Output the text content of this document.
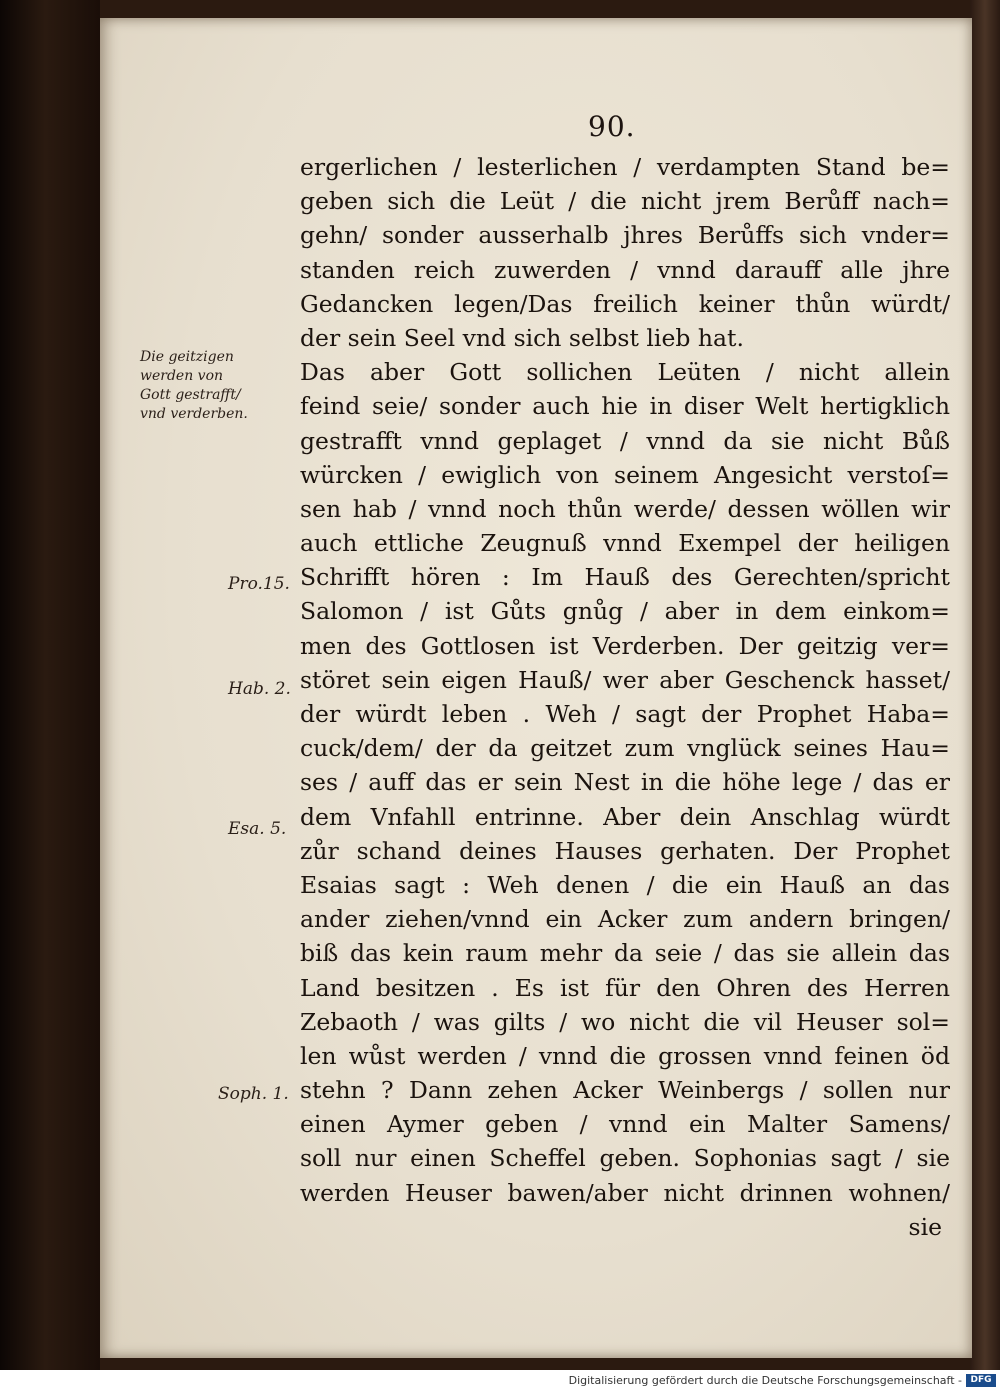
90.
Die geitzigen
werden von
Gott gestrafft/
vnd verderben.
Pro.15.
Hab. 2.
Esa. 5.
Soph. 1.
ergerlichen / lesterlichen / verdampten Stand be=
geben sich die Leüt / die nicht jrem Berůff nach=
gehn/ sonder ausserhalb jhres Berůffs sich vnder=
standen reich zuwerden / vnnd darauff alle jhre
Gedancken legen/Das freilich keiner thůn würdt/
der sein Seel vnd sich selbst lieb hat.
Das aber Gott sollichen Leüten / nicht allein
feind seie/ sonder auch hie in diser Welt hertigklich
gestrafft vnnd geplaget / vnnd da sie nicht Bůß
würcken / ewiglich von seinem Angesicht verstoſ=
sen hab / vnnd noch thůn werde/ dessen wöllen wir
auch ettliche Zeugnuß vnnd Exempel der heiligen
Schrifft hören : Im Hauß des Gerechten/spricht
Salomon / ist Gůts gnůg / aber in dem einkom=
men des Gottlosen ist Verderben. Der geitzig ver=
störet sein eigen Hauß/ wer aber Geschenck hasset/
der würdt leben . Weh / sagt der Prophet Haba=
cuck/dem/ der da geitzet zum vnglück seines Hau=
ses / auff das er sein Nest in die höhe lege / das er
dem Vnfahll entrinne. Aber dein Anschlag würdt
zůr schand deines Hauses gerhaten. Der Prophet
Esaias sagt : Weh denen / die ein Hauß an das
ander ziehen/vnnd ein Acker zum andern bringen/
biß das kein raum mehr da seie / das sie allein das
Land besitzen . Es ist für den Ohren des Herren
Zebaoth / was gilts / wo nicht die vil Heuser sol=
len wůst werden / vnnd die grossen vnnd feinen öd
stehn ? Dann zehen Acker Weinbergs / sollen nur
einen Aymer geben / vnnd ein Malter Samens/
soll nur einen Scheffel geben. Sophonias sagt / sie
werden Heuser bawen/aber nicht drinnen wohnen/
sie
Digitalisierung gefördert durch die Deutsche Forschungsgemeinschaft - DFG
